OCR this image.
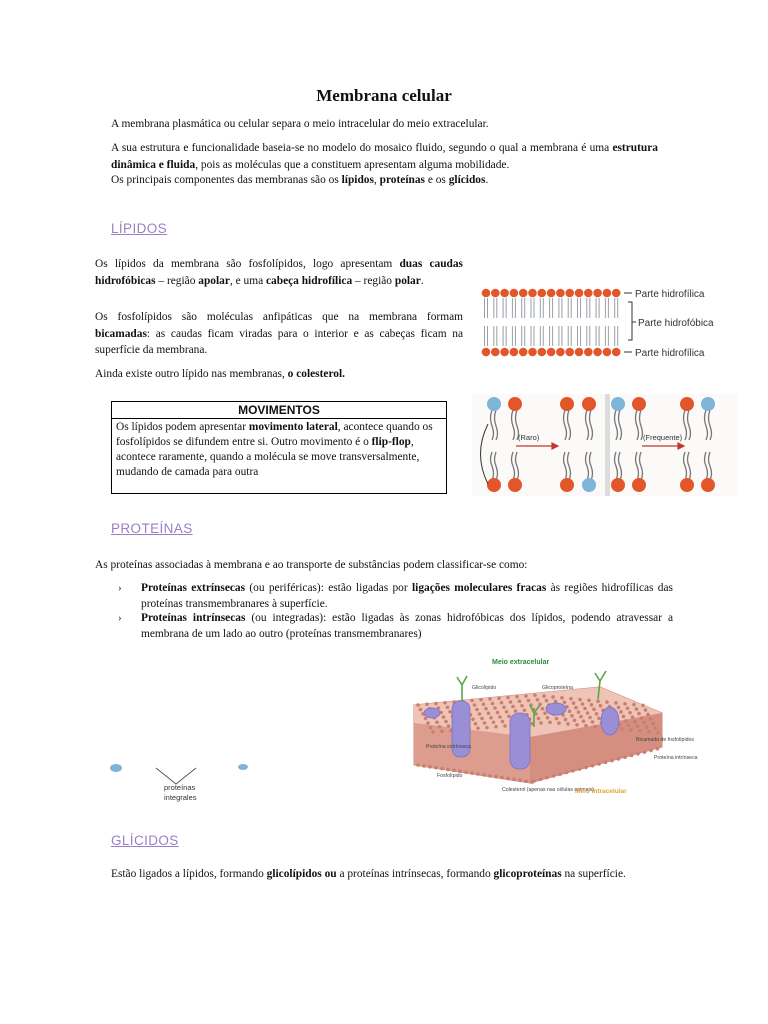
Membrana celular

A membrana plasmática ou celular separa o meio intracelular do meio extracelular.

A sua estrutura e funcionalidade baseia-se no modelo do mosaico fluido, segundo o qual a membrana é uma estrutura dinâmica e fluida, pois as moléculas que a constituem apresentam alguma mobilidade.

Os principais componentes das membranas são os lípidos, proteínas e os glícidos.

LÍPIDOS

Os lípidos da membrana são fosfolípidos, logo apresentam duas caudas hidrofóbicas – região apolar, e uma cabeça hidrofílica – região polar.

Os fosfolípidos são moléculas anfipáticas que na membrana formam bicamadas: as caudas ficam viradas para o interior e as cabeças ficam na superfície da membrana.

Ainda existe outro lípido nas membranas, o colesterol.

Parte hidrofílica
Parte hidrofóbica
Parte hidrofílica
MOVIMENTOS
Os lípidos podem apresentar movimento lateral, acontece quando os fosfolípidos se difundem entre si. Outro movimento é o flip-flop, acontece raramente, quando a molécula se move transversalmente, mudando de camada para outra
(Raro)	(Frequente)
PROTEÍNAS

As proteínas associadas à membrana e ao transporte de substâncias podem classificar-se como:

› Proteínas extrínsecas (ou periféricas): estão ligadas por ligações moleculares fracas às regiões hidrofílicas das proteínas transmembranares à superfície.
› Proteínas intrínsecas (ou integradas): estão ligadas às zonas hidrofóbicas dos lípidos, podendo atravessar a membrana de um lado ao outro (proteínas transmembranares)
proteínas
integrales
Meio extracelular
Glicolípido	Glicoproteína
Bicamada de fosfolípidos
Proteína extrínseca
Fosfolípido
Proteína intrínseca
Colesterol (apenas nas células animais)
Meio intracelular
GLÍCIDOS

Estão ligados a lípidos, formando glicolípidos ou a proteínas intrínsecas, formando glicoproteínas na superfície.
